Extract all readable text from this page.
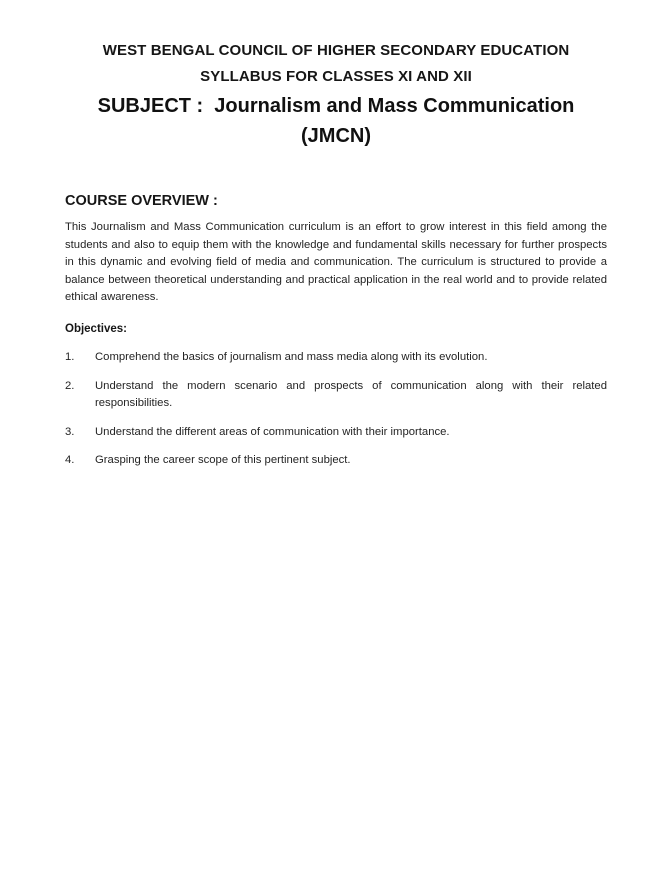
WEST BENGAL COUNCIL OF HIGHER SECONDARY EDUCATION
SYLLABUS FOR CLASSES XI AND XII
SUBJECT :  Journalism and Mass Communication (JMCN)
COURSE OVERVIEW :

This Journalism and Mass Communication curriculum is an effort to grow interest in this field among the students and also to equip them with the knowledge and fundamental skills necessary for further prospects in this dynamic and evolving field of media and communication. The curriculum is structured to provide a balance between theoretical understanding and practical application in the real world and to provide related ethical awareness.

Objectives:
1. Comprehend the basics of journalism and mass media along with its evolution.
2. Understand the modern scenario and prospects of communication along with their related responsibilities.
3. Understand the different areas of communication with their importance.
4. Grasping the career scope of this pertinent subject.
